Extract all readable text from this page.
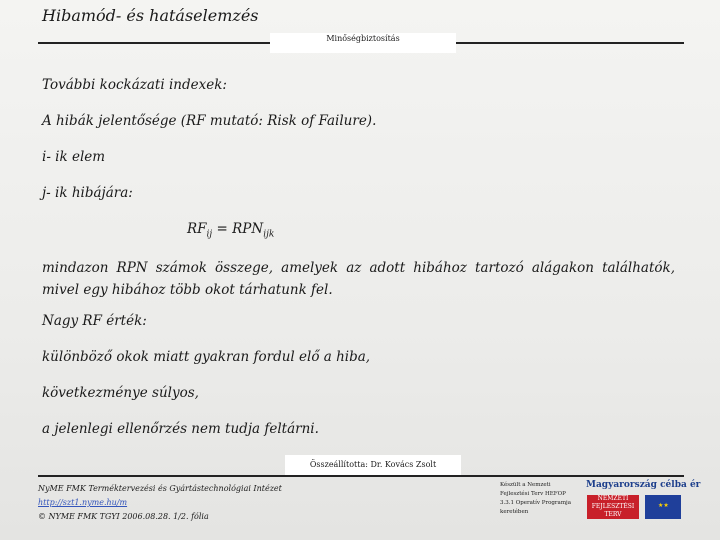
Hibamód- és hatáselemzés
Minőségbiztosítás
További kockázati indexek:
A hibák jelentősége (RF mutató: Risk of Failure).
i- ik elem
j- ik hibájára:
$RF_{ij} = RPN_{ijk}$
mindazon RPN számok összege, amelyek az adott hibához tartozó alágakon találhatók, mivel egy hibához több okot tárhatunk fel.
Nagy RF érték:
különböző okok miatt gyakran fordul elő a hiba,
következménye súlyos,
a jelenlegi ellenőrzés nem tudja feltárni.
Összeállította: Dr. Kovács Zsolt
NyME FMK Terméktervezési és Gyártástechnológiai Intézet
http://szt1.nyme.hu/m
© NYME FMK TGYI 2006.08.28. 1/2. fólia
Készült a Nemzeti Fejlesztési Terv HEFOP 3.3.1 Operatív Programja keretében
Magyarország célba ér
NEMZETI FEJLESZTÉSI TERV
★★
